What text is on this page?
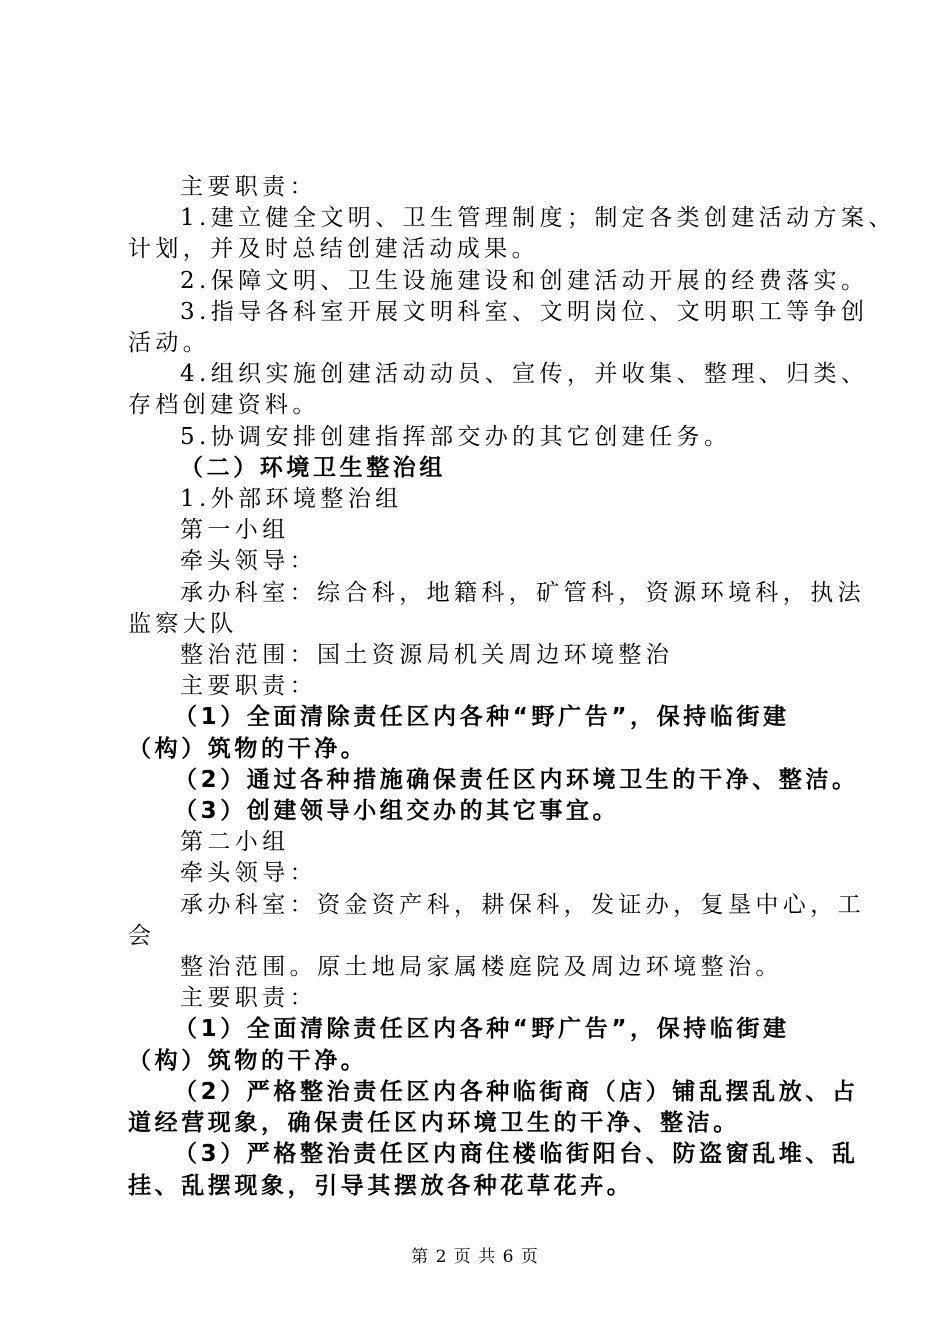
主要职责：

1.建立健全文明、卫生管理制度；制定各类创建活动方案、

计划，并及时总结创建活动成果。

2.保障文明、卫生设施建设和创建活动开展的经费落实。

3.指导各科室开展文明科室、文明岗位、文明职工等争创

活动。

4.组织实施创建活动动员、宣传，并收集、整理、归类、

存档创建资料。

5.协调安排创建指挥部交办的其它创建任务。

（二）环境卫生整治组

1.外部环境整治组

第一小组

牵头领导：

承办科室：综合科，地籍科，矿管科，资源环境科，执法

监察大队

整治范围：国土资源局机关周边环境整治

主要职责：

（1）全面清除责任区内各种“野广告”，保持临街建

（构）筑物的干净。

（2）通过各种措施确保责任区内环境卫生的干净、整洁。

（3）创建领导小组交办的其它事宜。

第二小组

牵头领导：

承办科室：资金资产科，耕保科，发证办，复垦中心，工

会

整治范围。原土地局家属楼庭院及周边环境整治。

主要职责：

（1）全面清除责任区内各种“野广告”，保持临街建

（构）筑物的干净。

（2）严格整治责任区内各种临街商（店）铺乱摆乱放、占

道经营现象，确保责任区内环境卫生的干净、整洁。

（3）严格整治责任区内商住楼临街阳台、防盗窗乱堆、乱

挂、乱摆现象，引导其摆放各种花草花卉。

第 2 页 共 6 页
